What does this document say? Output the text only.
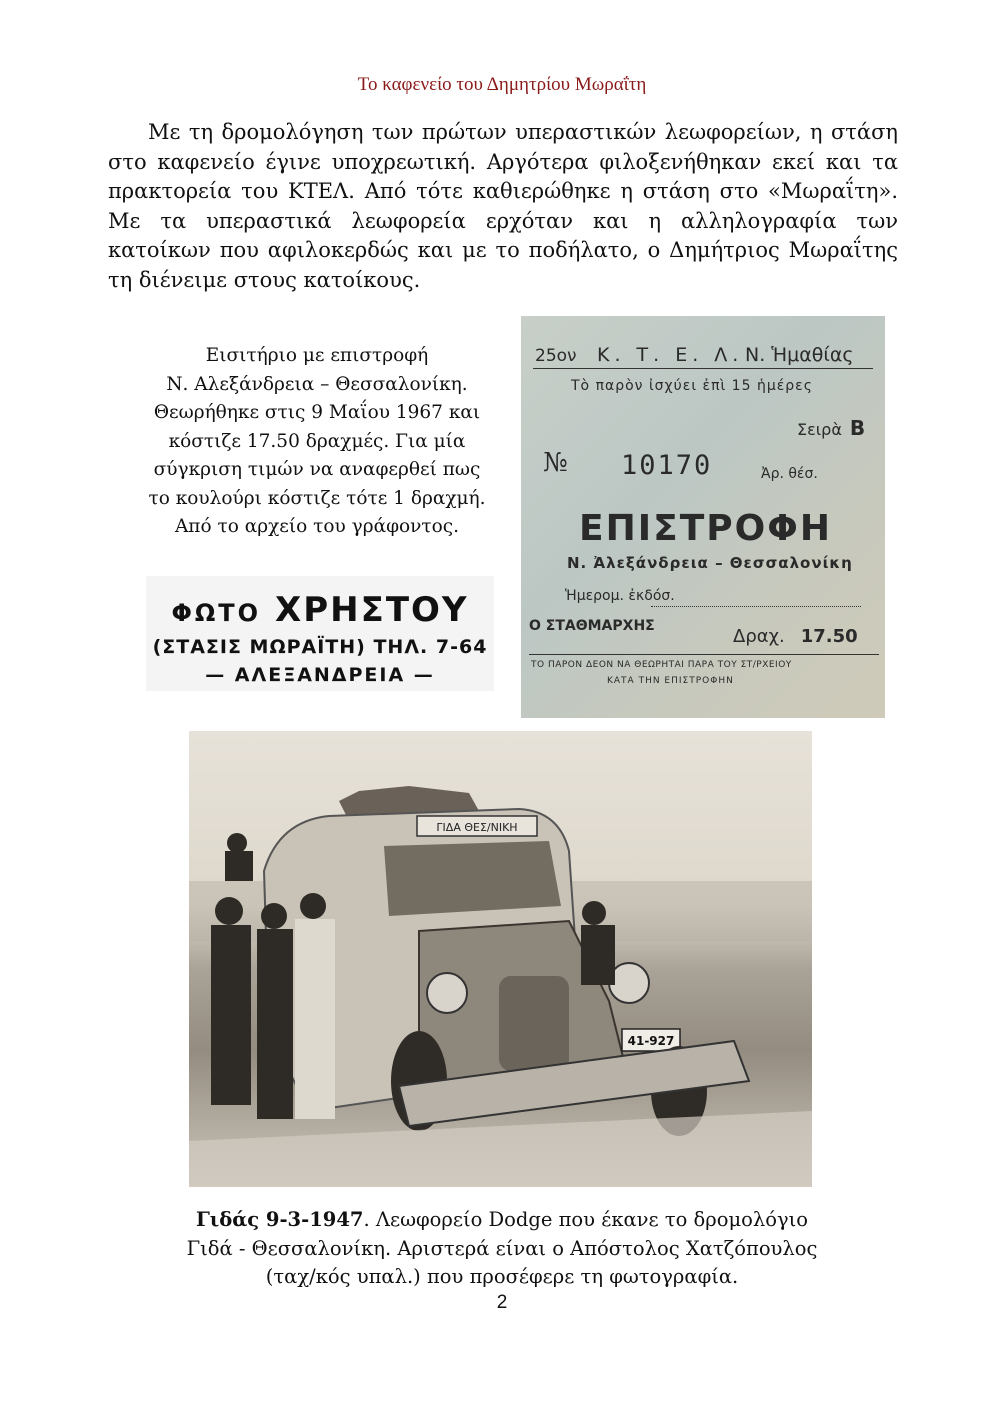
Το καφενείο του Δημητρίου Μωραΐτη

Με τη δρομολόγηση των πρώτων υπεραστικών λεωφορείων, η στάση στο καφενείο έγινε υποχρεωτική. Αργότερα φιλοξενήθηκαν εκεί και τα πρακτορεία του ΚΤΕΛ. Από τότε καθιερώθηκε η στάση στο «Μωραΐτη». Με τα υπεραστικά λεωφορεία ερχόταν και η αλληλογραφία των κατοίκων που αφιλοκερδώς και με το ποδήλατο, ο Δημήτριος Μωραΐτης τη διένειμε στους κατοίκους.

Εισιτήριο με επιστροφή
Ν. Αλεξάνδρεια – Θεσσαλονίκη.
Θεωρήθηκε στις 9 Μαΐου 1967 και
κόστιζε 17.50 δραχμές. Για μία
σύγκριση τιμών να αναφερθεί πως
το κουλούρι κόστιζε τότε 1 δραχμή.
Από το αρχείο του γράφοντος.
ΦΩΤΟ ΧΡΗΣΤΟΥ
(ΣΤΑΣΙΣ ΜΩΡΑΪΤΗ) ΤΗΛ. 7-64
— ΑΛΕΞΑΝΔΡΕΙΑ —
25ον Κ. Τ. Ε. Λ. Ν. Ἡμαθίας
Τὸ παρὸν ἰσχύει ἐπὶ 15 ἡμέρες
Σειρὰ Β
№ 10170	Ἀρ. θέσ.
ΕΠΙΣΤΡΟΦΗ
Ν. Ἀλεξάνδρεια – Θεσσαλονίκη
Ἡμερομ. ἐκδόσ.
Ο ΣΤΑΘΜΑΡΧΗΣ	Δραχ. 17.50
ΤΟ ΠΑΡΟΝ ΔΕΟΝ ΝΑ ΘΕΩΡΗΤΑΙ ΠΑΡΑ ΤΟΥ ΣΤ/ΡΧΕΙΟΥ
ΚΑΤΑ ΤΗΝ ΕΠΙΣΤΡΟΦΗΝ
ΓΙΔΑ ΘΕΣ/ΝΙΚΗ
41-927
Γιδάς 9-3-1947. Λεωφορείο Dodge που έκανε το δρομολόγιο
Γιδά - Θεσσαλονίκη. Αριστερά είναι ο Απόστολος Χατζόπουλος
(ταχ/κός υπαλ.) που προσέφερε τη φωτογραφία.
2
